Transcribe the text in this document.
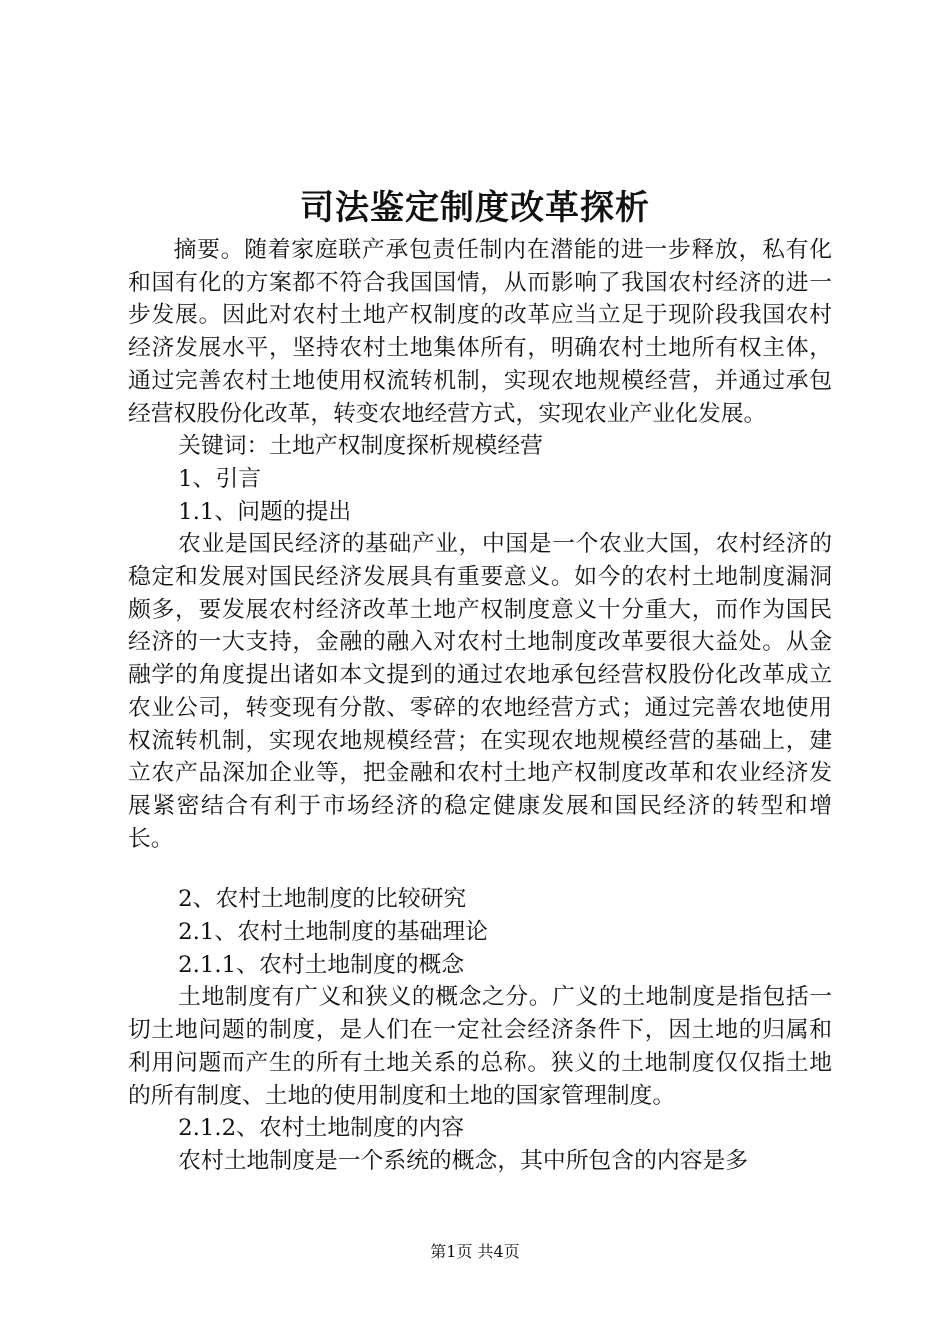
司法鉴定制度改革探析

摘要。随着家庭联产承包责任制内在潜能的进一步释放，私有化和国有化的方案都不符合我国国情，从而影响了我国农村经济的进一步发展。因此对农村土地产权制度的改革应当立足于现阶段我国农村经济发展水平，坚持农村土地集体所有，明确农村土地所有权主体，通过完善农村土地使用权流转机制，实现农地规模经营，并通过承包经营权股份化改革，转变农地经营方式，实现农业产业化发展。

关键词：土地产权制度探析规模经营

1、引言

1.1、问题的提出

农业是国民经济的基础产业，中国是一个农业大国，农村经济的稳定和发展对国民经济发展具有重要意义。如今的农村土地制度漏洞颇多，要发展农村经济改革土地产权制度意义十分重大，而作为国民经济的一大支持，金融的融入对农村土地制度改革要很大益处。从金融学的角度提出诸如本文提到的通过农地承包经营权股份化改革成立农业公司，转变现有分散、零碎的农地经营方式；通过完善农地使用权流转机制，实现农地规模经营；在实现农地规模经营的基础上，建立农产品深加企业等，把金融和农村土地产权制度改革和农业经济发展紧密结合有利于市场经济的稳定健康发展和国民经济的转型和增长。

2、农村土地制度的比较研究

2.1、农村土地制度的基础理论

2.1.1、农村土地制度的概念

土地制度有广义和狭义的概念之分。广义的土地制度是指包括一切土地问题的制度，是人们在一定社会经济条件下，因土地的归属和利用问题而产生的所有土地关系的总称。狭义的土地制度仅仅指土地的所有制度、土地的使用制度和土地的国家管理制度。

2.1.2、农村土地制度的内容

农村土地制度是一个系统的概念，其中所包含的内容是多

第1页 共4页
